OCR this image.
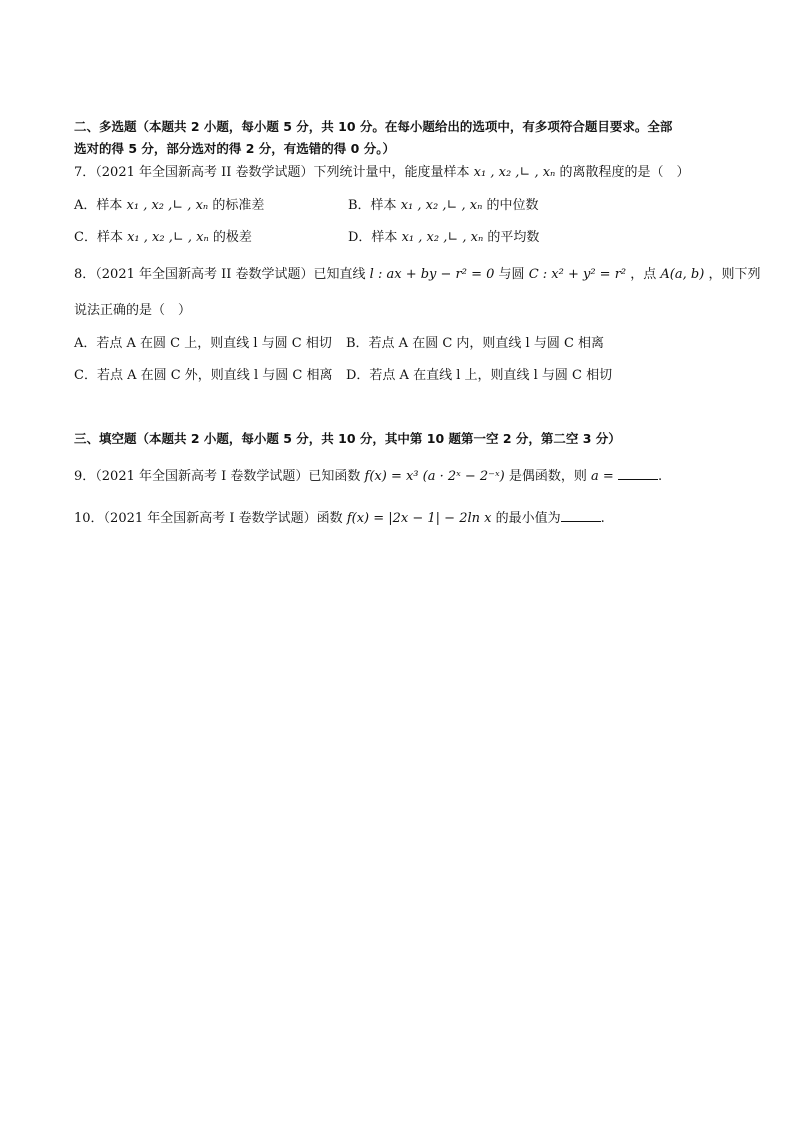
二、多选题（本题共 2 小题，每小题 5 分，共 10 分。在每小题给出的选项中，有多项符合题目要求。全部
选对的得 5 分，部分选对的得 2 分，有选错的得 0 分。）
7．（2021 年全国新高考 II 卷数学试题）下列统计量中，能度量样本 x₁ , x₂ ,∟ , xₙ 的离散程度的是（　）
A．样本 x₁ , x₂ ,∟ , xₙ 的标准差	B．样本 x₁ , x₂ ,∟ , xₙ 的中位数
C．样本 x₁ , x₂ ,∟ , xₙ 的极差	D．样本 x₁ , x₂ ,∟ , xₙ 的平均数
8．（2021 年全国新高考 II 卷数学试题）已知直线 l : ax + by − r² = 0 与圆 C : x² + y² = r² ，点 A(a, b) ，则下列
说法正确的是（　）
A．若点 A 在圆 C 上，则直线 l 与圆 C 相切 B．若点 A 在圆 C 内，则直线 l 与圆 C 相离
C．若点 A 在圆 C 外，则直线 l 与圆 C 相离 D．若点 A 在直线 l 上，则直线 l 与圆 C 相切
三、填空题（本题共 2 小题，每小题 5 分，共 10 分，其中第 10 题第一空 2 分，第二空 3 分）
9．（2021 年全国新高考 I 卷数学试题）已知函数 f(x) = x³ (a · 2ˣ − 2⁻ˣ) 是偶函数，则 a =	.
10．（2021 年全国新高考 I 卷数学试题）函数 f(x) = |2x − 1| − 2ln x 的最小值为	.
